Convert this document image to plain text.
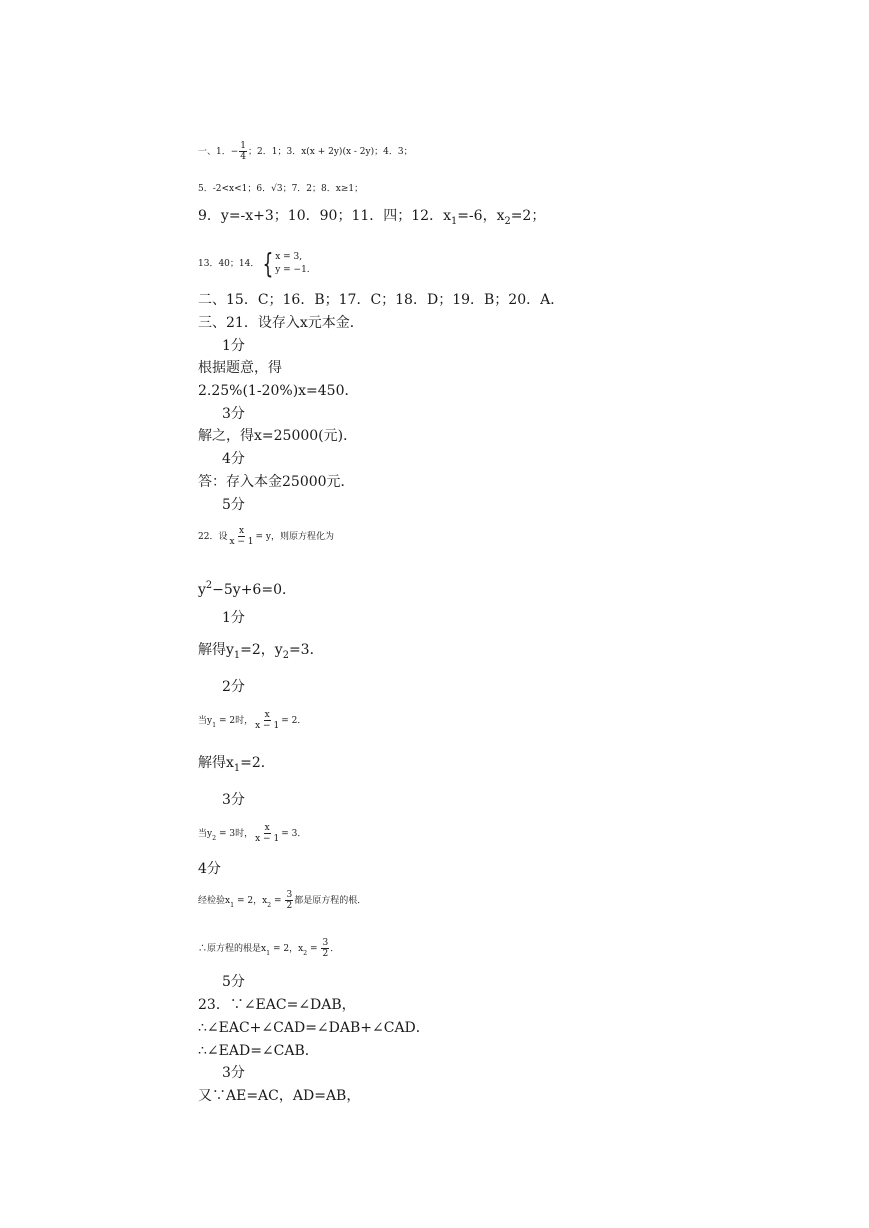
一、1．− $\frac{1}{4}$ ；2．1；3．x(x + 2y)(x - 2y)；4．3；
5．-2<x<1；6．√3；7．2；8．x≥1；
9．y=-x+3；10．90；11．四；12．$x_1=-6$，$x_2=2$；
13．40；14． { x = 3,
y = −1.
二、15．C；16．B；17．C；18．D；19．B；20．A．
三、21．设存入x元本金．
1分
根据题意，得
2.25%(1-20%)x=450．
3分
解之，得x=25000(元)．
4分
答：存入本金25000元．
5分
22．设 $\frac{x}{x - 1} = y$，则原方程化为
$y^2-5y+6=0$．
1分
解得$y_1=2$，$y_2=3$．
2分
当$y_1 = 2$时， $\frac{x}{x - 1} = 2$．
解得$x_1=2$．
3分
当$y_2 = 3$时， $\frac{x}{x - 1} = 3$．
4分
经检验$x_1 = 2$，$x_2 = \frac{3}{2}$ 都是原方程的根．
∴原方程的根是$x_1 = 2$，$x_2 = \frac{3}{2}$ ．
5分
23．∵∠EAC=∠DAB，
∴∠EAC+∠CAD=∠DAB+∠CAD．
∴∠EAD=∠CAB．
3分
又∵AE=AC，AD=AB，
